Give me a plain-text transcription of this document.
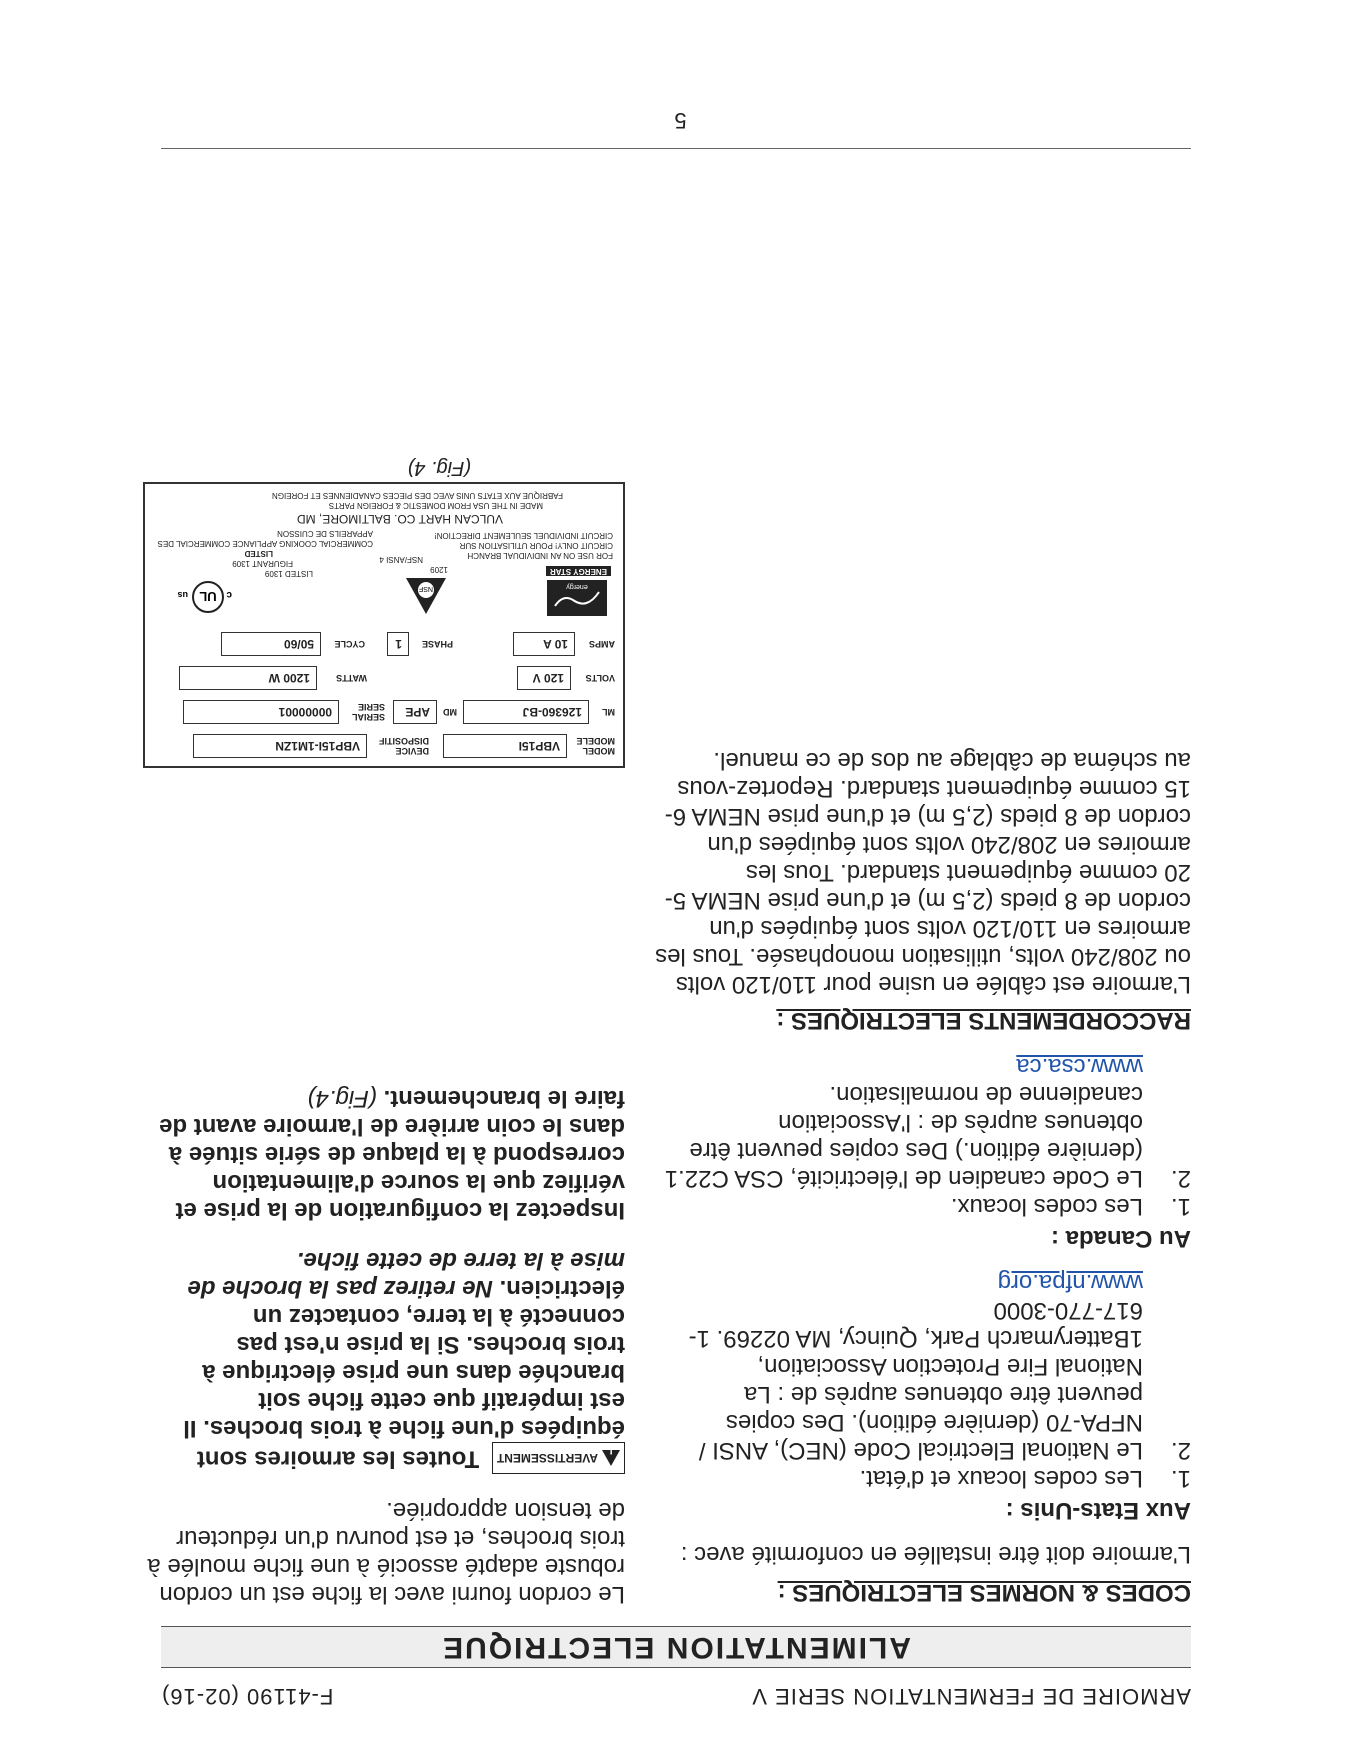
ARMOIRE DE FERMENTATION SERIE V
F-41190 (02-16)
ALIMENTATION ELECTRIQUE

CODES & NORMES ELECTRIQUES :

L'armoire doit être installée en conformité avec :

Aux Etats-Unis :

1.
Les codes locaux et d'état.
2.
Le National Electrical Code (NEC), ANSI / NFPA-70 (dernière édition). Des copies peuvent être obtenues auprès de : La National Fire Protection Association, 1Batterymarch Park, Quincy, MA 02269. 1-617-770-3000

www.nfpa.org

Au Canada :

1.
Les codes locaux.
2.
Le Code canadien de l'électricité, CSA C22.1 (dernière édition.) Des copies peuvent être obtenues auprès de : l'Association canadienne de normalisation.

www.csa.ca

RACCORDEMENTS ELECTRIQUES :

L'armoire est câblée en usine pour 110/120 volts ou 208/240 volts, utilisation monophasée. Tous les armoires en 110/120 volts sont équipées d'un cordon de 8 pieds (2,5 m) et d'une prise NEMA 5-20 comme équipement standard. Tous les armoires en 208/240 volts sont équipées d'un cordon de 8 pieds (2,5 m) et d'une prise NEMA 6-15 comme équipement standard. Reportez-vous au schéma de câblage au dos de ce manuel.

Le cordon fourni avec la fiche est un cordon robuste adapté associé à une fiche moulée à trois broches, et est pourvu d'un réducteur de tension appropriée.

!
AVERTISSEMENT
Toutes les armoires sont équipées d'une fiche à trois broches. Il est impératif que cette fiche soit branchée dans une prise électrique à trois broches. Si la prise n'est pas connecté à la terre, contactez un électricien. Ne retirez pas la broche de mise à la terre de cette fiche.

Inspectez la configuration de la prise et vérifiez que la source d'alimentation correspond à la plaque de série située à dans le coin arrière de l'armoire avant de faire le branchement. (Fig.4)

MODEL MODELE
VBP15I
DEVICE DISPOSITIF
VBP15I-1M1ZN
ML
126360-BJ
MD
APE
SERIAL SERIE
00000001
VOLTS
120 V
WATTS
1200 W
AMPS
10 A
PHASE
1
CYCLE
50/60
energy
ENERGY STAR
NSF
1209
NSF/ANSI 4
UL c
us
LISTED 1309
FIGURANT 1309
LISTED	FOR USE ON AN INDIVIDUAL BRANCH CIRCUIT ONLY! POUR UTILISATION SUR CIRCUIT INDIVIDUEL SEULEMENT DIRECTION!
COMMERCIAL COOKING APPLIANCE COMMERCIAL DES APPAREILS DE CUISSON
VULCAN HART CO. BALTIMORE, MD
MADE IN THE USA FROM DOMESTIC & FOREIGN PARTS
FABRIQUE AUX ETATS UNIS AVEC DES PIECES CANADIENNES ET FOREIGN
(Fig. 4)
5
